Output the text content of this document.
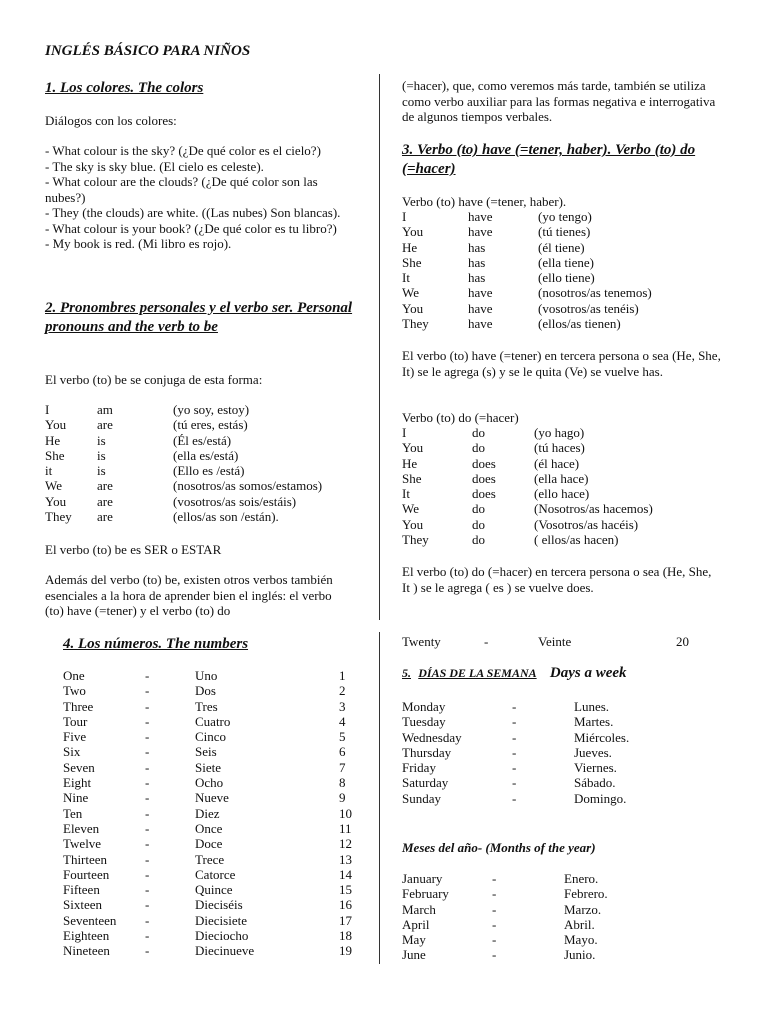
INGLÉS BÁSICO PARA NIÑOS
1. Los colores. The colors
Diálogos con los colores:
- What colour is the sky? (¿De qué color es el cielo?)
- The sky is sky blue. (El cielo es celeste).
- What colour are the clouds? (¿De qué color son las nubes?)
- They (the clouds) are white. ((Las nubes) Son blancas).
- What colour is your book? (¿De qué color es tu libro?)
- My book is red. (Mi libro es rojo).
2. Pronombres personales y el verbo ser. Personal pronouns and the verb to be
El verbo (to) be se conjuga de esta forma:
I	am	(yo soy, estoy)
You are	(tú eres, estás)
He	is	(Él es/está)
She	is	(ella es/está)
it	is	(Ello es /está)
We	are	(nosotros/as somos/estamos)
You are	(vosotros/as sois/estáis)
They are	(ellos/as son /están).
El verbo (to) be es SER o ESTAR
Además del verbo (to) be, existen otros verbos también esenciales a la hora de aprender bien el inglés: el verbo (to) have (=tener) y el verbo (to) do
(=hacer), que, como veremos más tarde, también se utiliza como verbo auxiliar para las formas negativa e interrogativa de algunos tiempos verbales.
3. Verbo (to) have (=tener, haber). Verbo (to) do (=hacer)
Verbo (to) have (=tener, haber).
I	have	(yo tengo)
You	have	(tú tienes)
He	has	(él tiene)
She	has	(ella tiene)
It	has	(ello tiene)
We	have	(nosotros/as tenemos)
You	have	(vosotros/as tenéis)
They	have	(ellos/as tienen)
El verbo (to) have (=tener) en tercera persona o sea (He, She, It) se le agrega (s) y se le quita (Ve) se vuelve has.
Verbo (to) do (=hacer)
I	do	(yo hago)
You	do	(tú haces)
He	does	(él hace)
She	does	(ella hace)
It	does	(ello hace)
We	do	(Nosotros/as hacemos)
You	do	(Vosotros/as hacéis)
They	do	( ellos/as hacen)
El verbo (to) do (=hacer) en tercera persona o sea (He, She, It ) se le agrega ( es ) se vuelve does.
4. Los números. The numbers
One	-	Uno	1
Two	-	Dos	2
Three	-	Tres	3
Tour	-	Cuatro	4
Five	-	Cinco	5
Six	-	Seis	6
Seven	-	Siete	7
Eight	-	Ocho	8
Nine	-	Nueve	9
Ten	-	Diez	10
Eleven	-	Once	11
Twelve	-	Doce	12
Thirteen	-	Trece	13
Fourteen	-	Catorce	14
Fifteen	-	Quince	15
Sixteen	-	Dieciséis	16
Seventeen -	Diecisiete	17
Eighteen	-	Dieciocho	18
Nineteen	-	Diecinueve	19
Twenty	-	Veinte	20
5. DÍAS DE LA SEMANA Days a week
Monday	-	Lunes.
Tuesday	-	Martes.
Wednesday	-	Miércoles.
Thursday	-	Jueves.
Friday	-	Viernes.
Saturday	-	Sábado.
Sunday	-	Domingo.
Meses del año- (Months of the year)
January	-	Enero.
February	-	Febrero.
March	-	Marzo.
April	-	Abril.
May	-	Mayo.
June	-	Junio.
